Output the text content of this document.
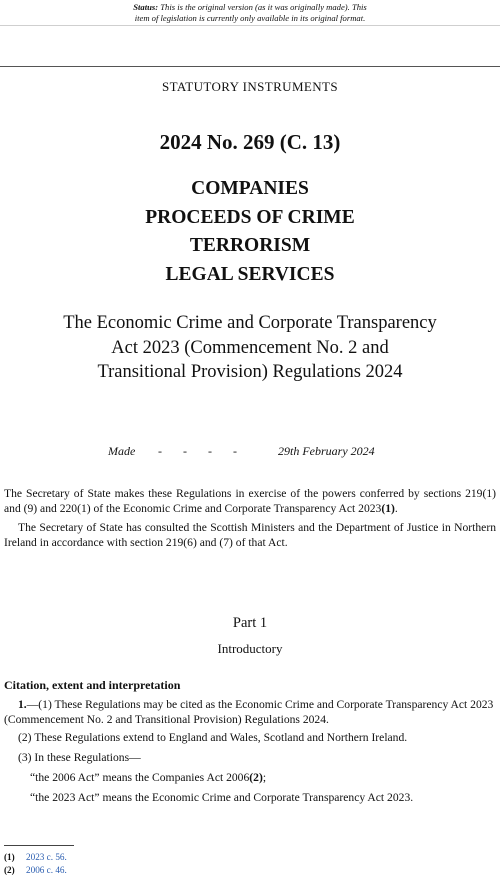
Status: This is the original version (as it was originally made). This
item of legislation is currently only available in its original format.
STATUTORY INSTRUMENTS
2024 No. 269 (C. 13)
COMPANIES
PROCEEDS OF CRIME
TERRORISM
LEGAL SERVICES
The Economic Crime and Corporate Transparency
Act 2023 (Commencement No. 2 and
Transitional Provision) Regulations 2024
Made - - - -	29th February 2024
The Secretary of State makes these Regulations in exercise of the powers conferred by sections 219(1) and (9) and 220(1) of the Economic Crime and Corporate Transparency Act 2023(1).
The Secretary of State has consulted the Scottish Ministers and the Department of Justice in Northern Ireland in accordance with section 219(6) and (7) of that Act.
Part 1
Introductory
Citation, extent and interpretation
1.—(1) These Regulations may be cited as the Economic Crime and Corporate Transparency Act 2023 (Commencement No. 2 and Transitional Provision) Regulations 2024.
(2) These Regulations extend to England and Wales, Scotland and Northern Ireland.
(3) In these Regulations—
“the 2006 Act” means the Companies Act 2006(2);
“the 2023 Act” means the Economic Crime and Corporate Transparency Act 2023.
(1) 2023 c. 56.
(2) 2006 c. 46.
